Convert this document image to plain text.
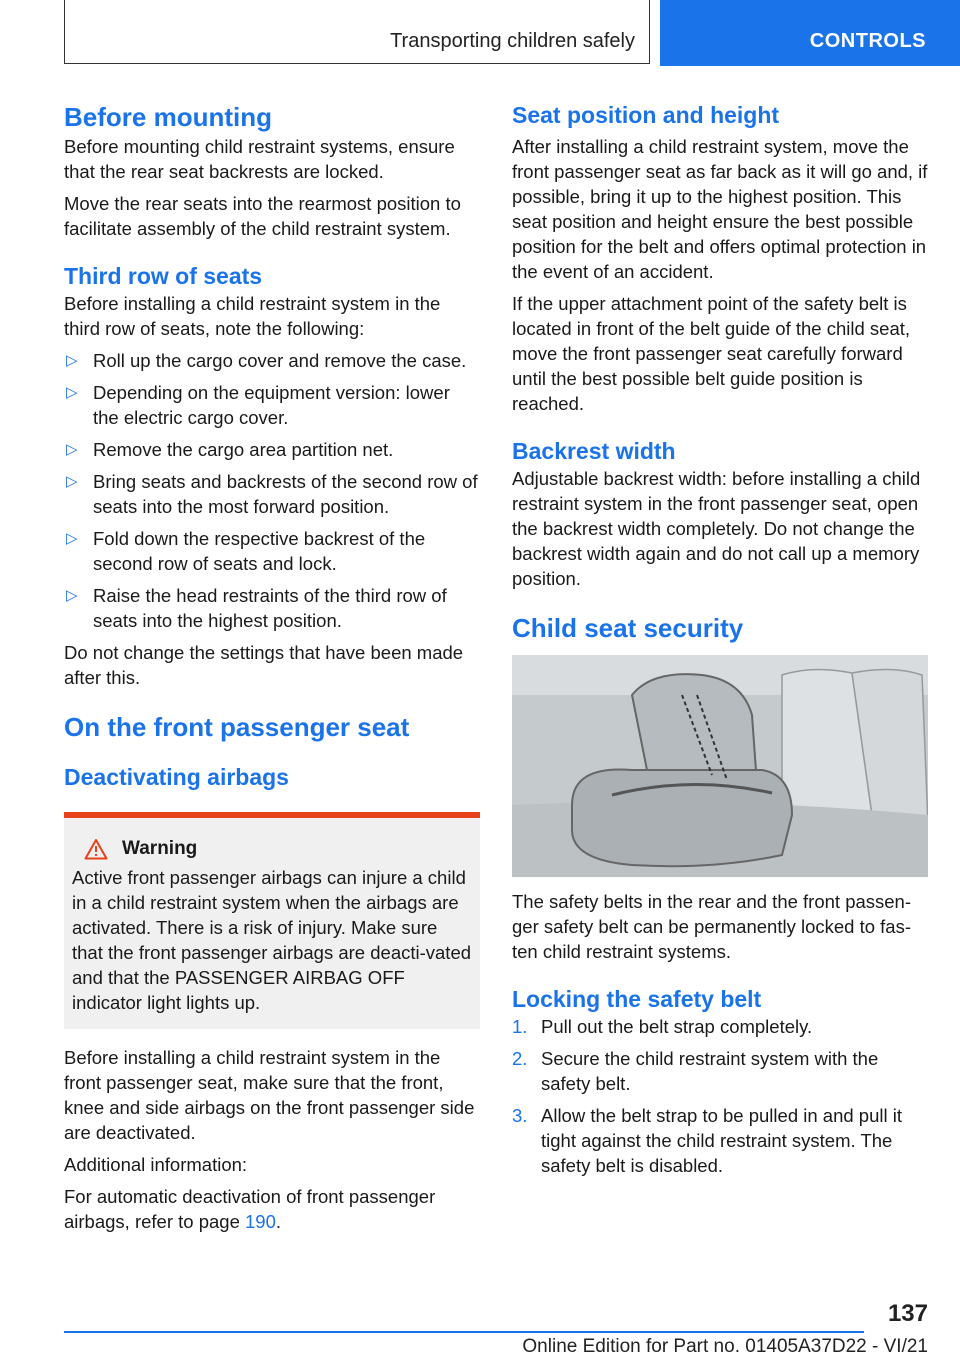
Transporting children safely	CONTROLS
Before mounting

Before mounting child restraint systems, ensure that the rear seat backrests are locked.

Move the rear seats into the rearmost position to facilitate assembly of the child restraint system.

Third row of seats

Before installing a child restraint system in the third row of seats, note the following:

▷ Roll up the cargo cover and remove the case.
▷ Depending on the equipment version: lower the electric cargo cover.
▷ Remove the cargo area partition net.
▷ Bring seats and backrests of the second row of seats into the most forward position.
▷ Fold down the respective backrest of the second row of seats and lock.
▷ Raise the head restraints of the third row of seats into the highest position.

Do not change the settings that have been made after this.

On the front passenger seat
Deactivating airbags
Warning

Active front passenger airbags can injure a child in a child restraint system when the airbags are activated. There is a risk of injury. Make sure that the front passenger airbags are deacti-vated and that the PASSENGER AIRBAG OFF indicator light lights up.

Before installing a child restraint system in the front passenger seat, make sure that the front, knee and side airbags on the front passenger side are deactivated.

Additional information:

For automatic deactivation of front passenger airbags, refer to page 190.

Seat position and height

After installing a child restraint system, move the front passenger seat as far back as it will go and, if possible, bring it up to the highest position. This seat position and height ensure the best possible position for the belt and offers optimal protection in the event of an accident.

If the upper attachment point of the safety belt is located in front of the belt guide of the child seat, move the front passenger seat carefully forward until the best possible belt guide position is reached.

Backrest width

Adjustable backrest width: before installing a child restraint system in the front passenger seat, open the backrest width completely. Do not change the backrest width again and do not call up a memory position.

Child seat security

The safety belts in the rear and the front passen-ger safety belt can be permanently locked to fas-ten child restraint systems.

Locking the safety belt
1. Pull out the belt strap completely.
2. Secure the child restraint system with the safety belt.
3. Allow the belt strap to be pulled in and pull it tight against the child restraint system. The safety belt is disabled.
137
Online Edition for Part no. 01405A37D22 - VI/21
